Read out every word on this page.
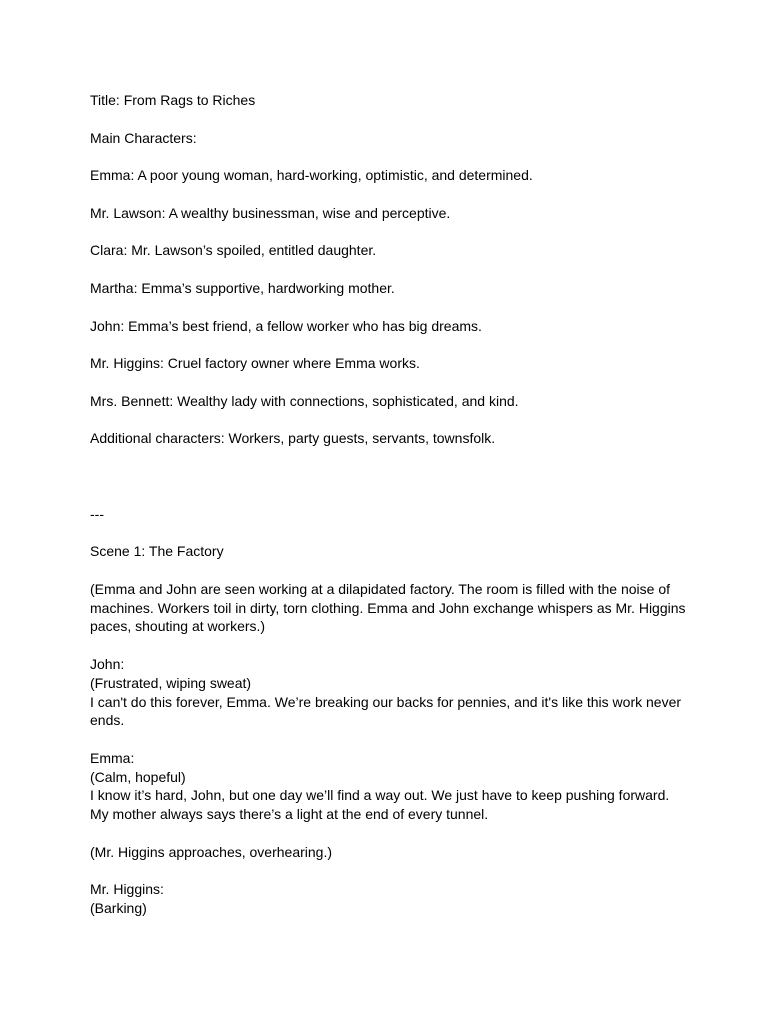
Title: From Rags to Riches

Main Characters:

Emma: A poor young woman, hard-working, optimistic, and determined.

Mr. Lawson: A wealthy businessman, wise and perceptive.

Clara: Mr. Lawson’s spoiled, entitled daughter.

Martha: Emma’s supportive, hardworking mother.

John: Emma’s best friend, a fellow worker who has big dreams.

Mr. Higgins: Cruel factory owner where Emma works.

Mrs. Bennett: Wealthy lady with connections, sophisticated, and kind.

Additional characters: Workers, party guests, servants, townsfolk.

---

Scene 1: The Factory

(Emma and John are seen working at a dilapidated factory. The room is filled with the noise of machines. Workers toil in dirty, torn clothing. Emma and John exchange whispers as Mr. Higgins paces, shouting at workers.)

John:
(Frustrated, wiping sweat)
I can't do this forever, Emma. We’re breaking our backs for pennies, and it's like this work never ends.
Emma:
(Calm, hopeful)
I know it’s hard, John, but one day we’ll find a way out. We just have to keep pushing forward. My mother always says there’s a light at the end of every tunnel.

(Mr. Higgins approaches, overhearing.)

Mr. Higgins:
(Barking)
